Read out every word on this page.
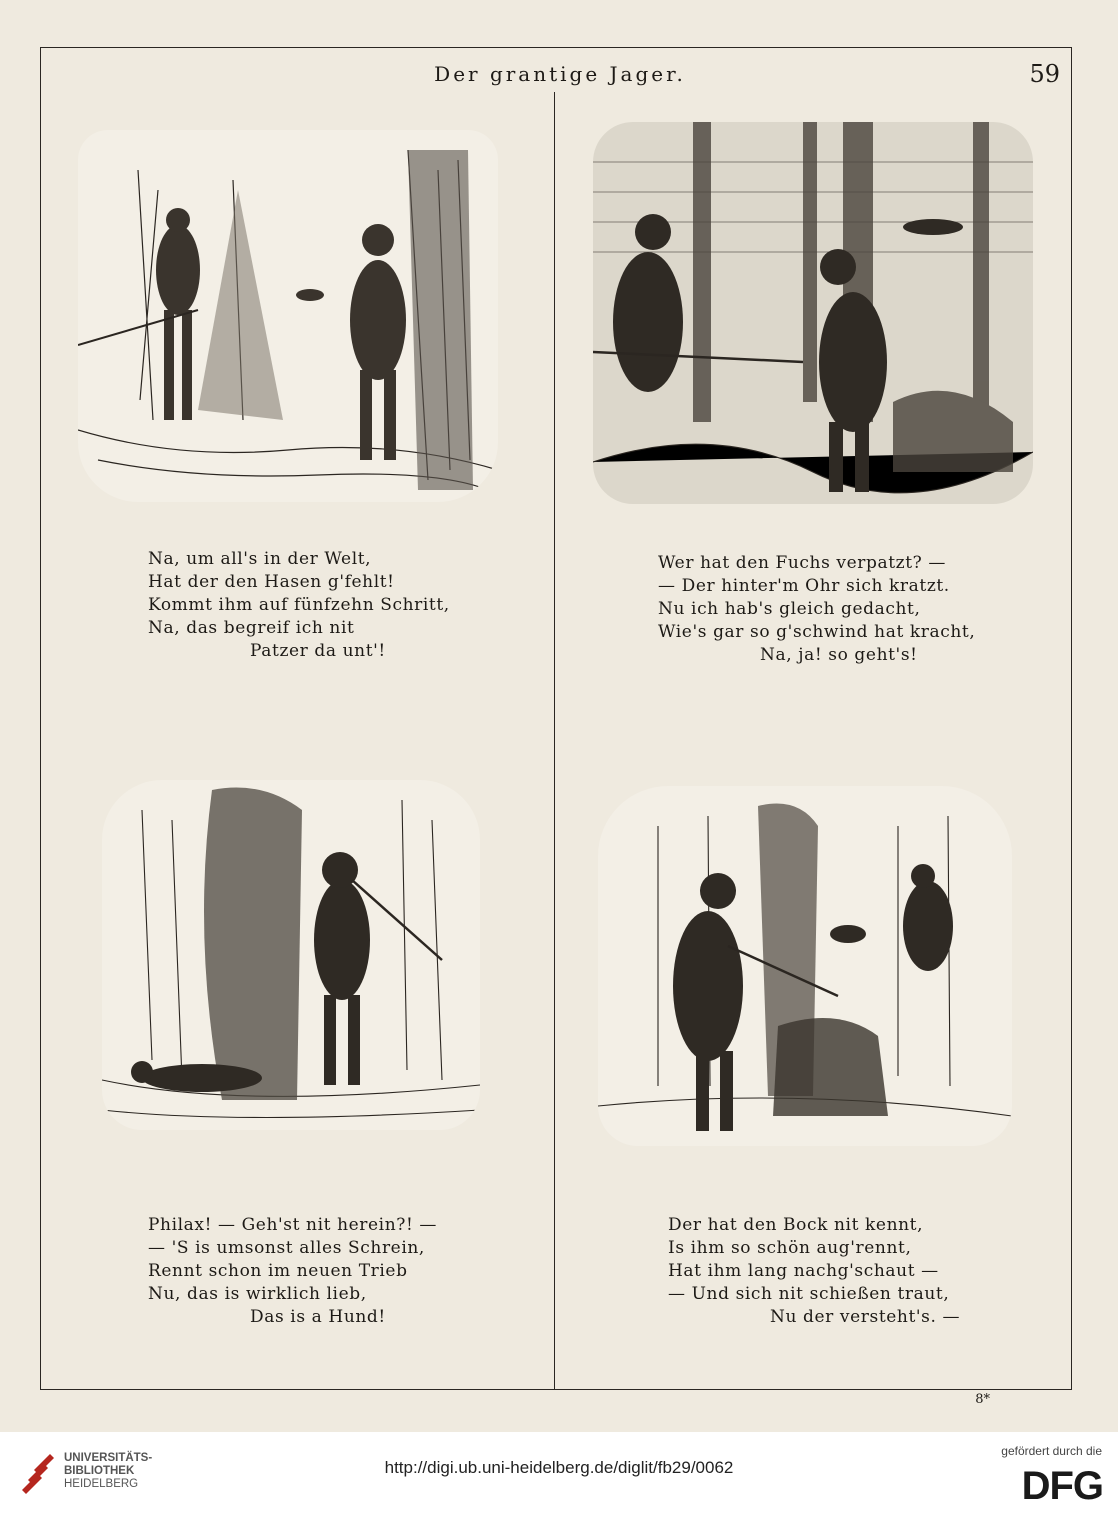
Der grantige Jager.	59
Na, um all's in der Welt,
Hat der den Hasen g'fehlt!
Kommt ihm auf fünfzehn Schritt,
Na, das begreif ich nit
Patzer da unt'!
Wer hat den Fuchs verpatzt? —
— Der hinter'm Ohr sich kratzt.
Nu ich hab's gleich gedacht,
Wie's gar so g'schwind hat kracht,
Na, ja! so geht's!
Philax! — Geh'st nit herein?! —
— 'S is umsonst alles Schrein,
Rennt schon im neuen Trieb
Nu, das is wirklich lieb,
Das is a Hund!
Der hat den Bock nit kennt,
Is ihm so schön aug'rennt,
Hat ihm lang nachg'schaut —
— Und sich nit schießen traut,
Nu der versteht's. —
8*
UNIVERSITÄTS-
BIBLIOTHEK
HEIDELBERG
http://digi.ub.uni-heidelberg.de/diglit/fb29/0062
gefördert durch die
DFG
